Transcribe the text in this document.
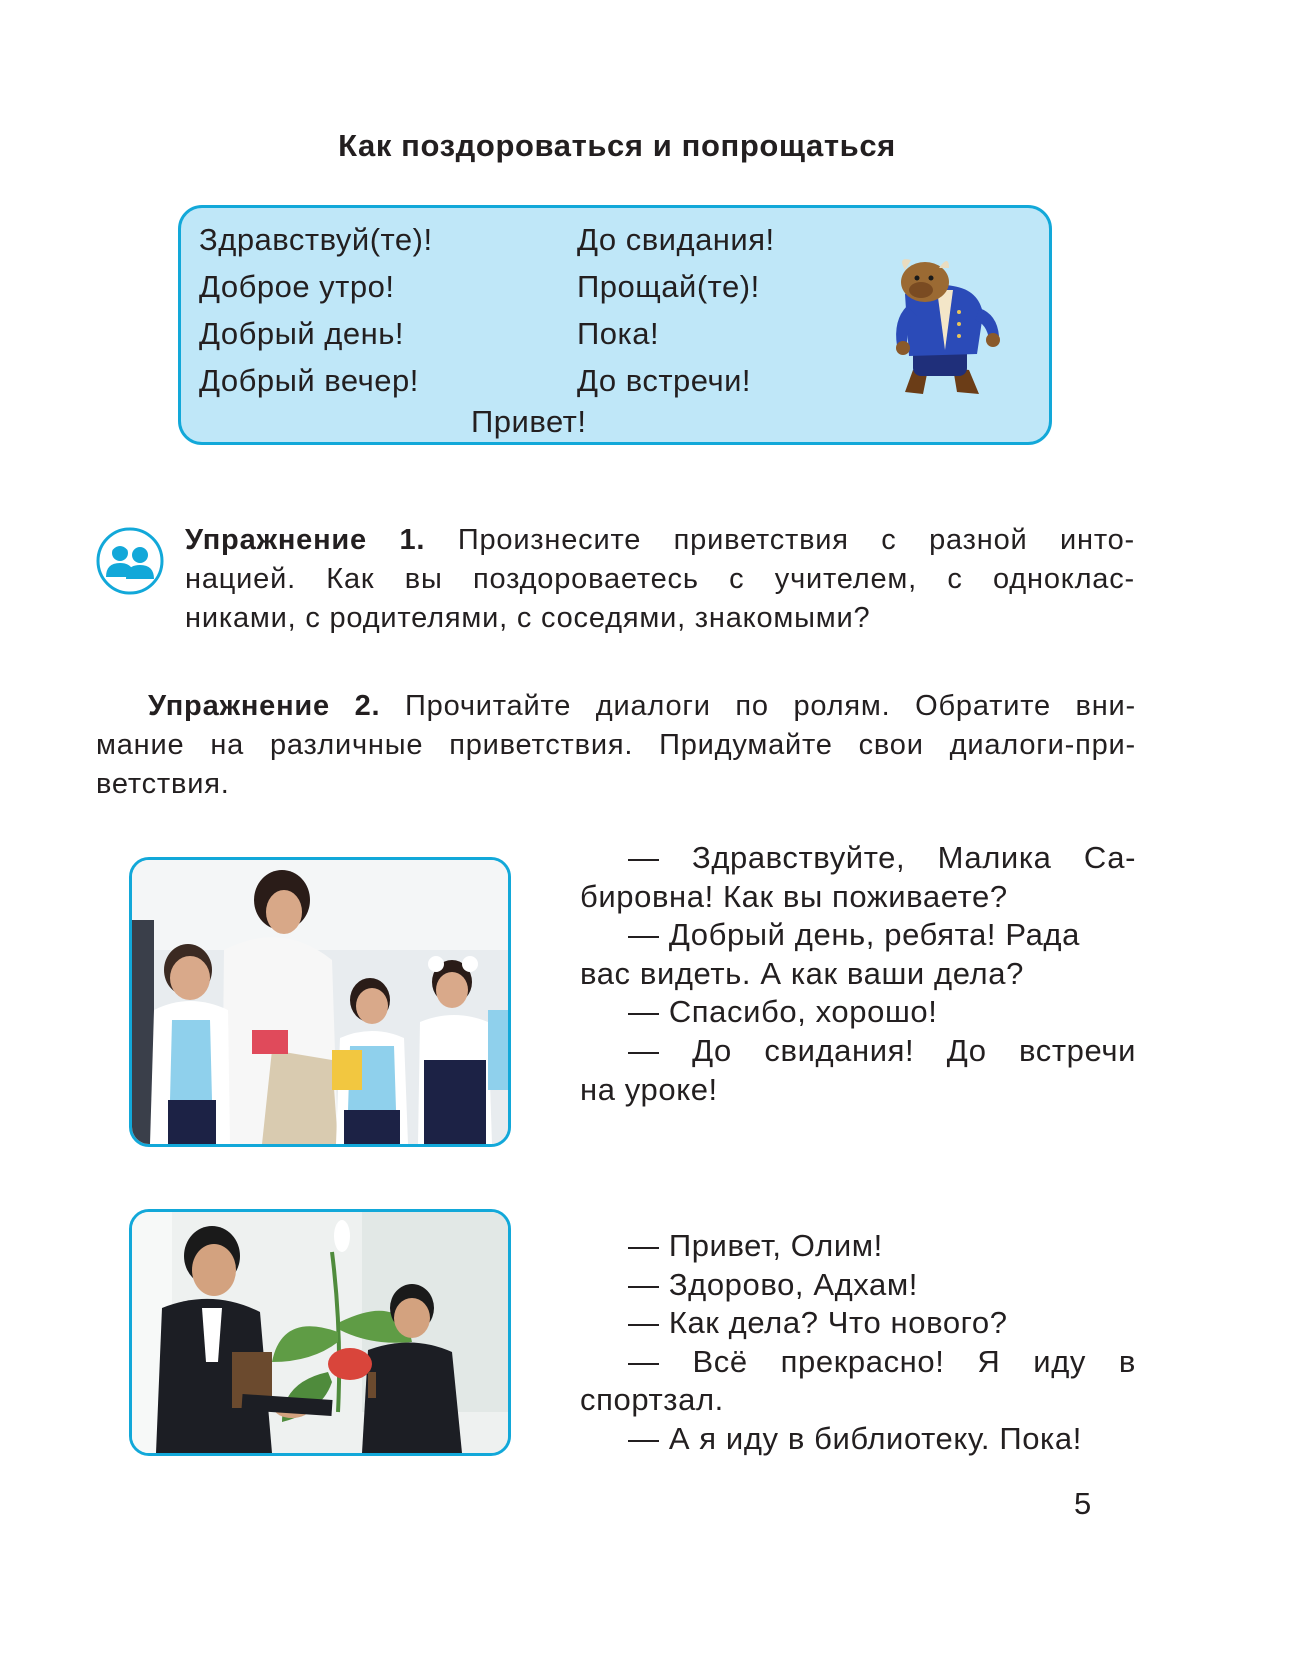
Как поздороваться и попрощаться
Здравствуй(те)!
Доброе утро!
Добрый день!
Добрый вечер!
До свидания!
Прощай(те)!
Пока!
До встречи!
Привет!
Упражнение 1. Произнесите приветствия с разной инто-
нацией. Как вы поздороваетесь с учителем, с одноклас-
никами, с родителями, с соседями, знакомыми?
Упражнение 2. Прочитайте диалоги по ролям. Обратите вни-
мание на различные приветствия. Придумайте свои диалоги-при-
ветствия.
— Здравствуйте, Малика Са-
бировна! Как вы поживаете?
— Добрый день, ребята! Рада
вас видеть. А как ваши дела?
— Спасибо, хорошо!
— До свидания! До встречи
на уроке!
— Привет, Олим!
— Здорово, Адхам!
— Как дела? Что нового?
— Всё прекрасно! Я иду в
спортзал.
— А я иду в библиотеку. Пока!
5
